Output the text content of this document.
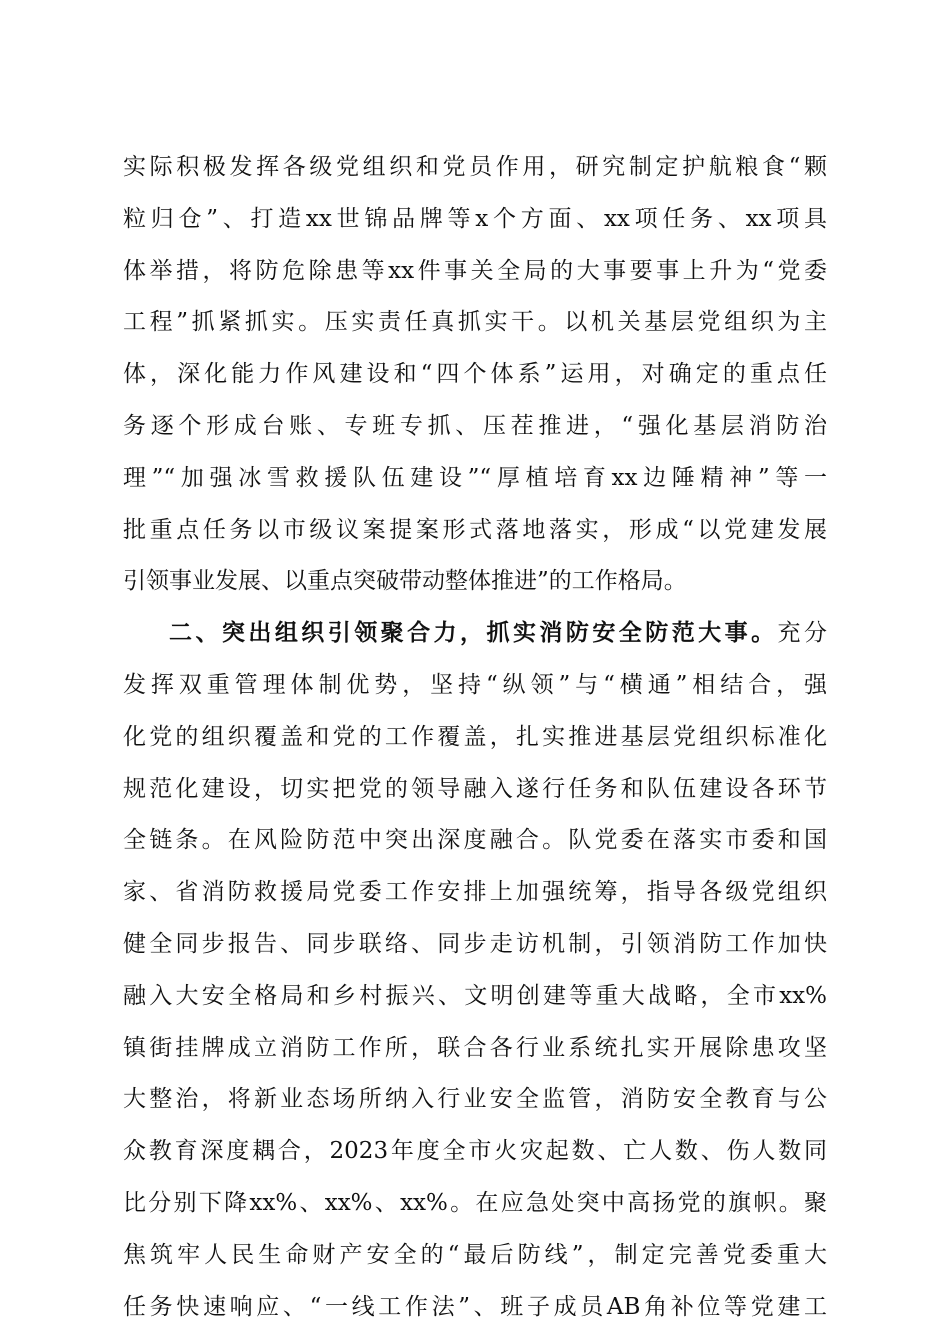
实际积极发挥各级党组织和党员作用，研究制定护航粮食“颗
粒归仓”、打造xx世锦品牌等x个方面、xx项任务、xx项具
体举措，将防危除患等xx件事关全局的大事要事上升为“党委
工程”抓紧抓实。压实责任真抓实干。以机关基层党组织为主
体，深化能力作风建设和“四个体系”运用，对确定的重点任
务逐个形成台账、专班专抓、压茬推进，“强化基层消防治
理”“加强冰雪救援队伍建设”“厚植培育xx边陲精神”等一
批重点任务以市级议案提案形式落地落实，形成“以党建发展
引领事业发展、以重点突破带动整体推进”的工作格局。
二、突出组织引领聚合力，抓实消防安全防范大事。充分
发挥双重管理体制优势，坚持“纵领”与“横通”相结合，强
化党的组织覆盖和党的工作覆盖，扎实推进基层党组织标准化
规范化建设，切实把党的领导融入遂行任务和队伍建设各环节
全链条。在风险防范中突出深度融合。队党委在落实市委和国
家、省消防救援局党委工作安排上加强统筹，指导各级党组织
健全同步报告、同步联络、同步走访机制，引领消防工作加快
融入大安全格局和乡村振兴、文明创建等重大战略，全市xx%
镇街挂牌成立消防工作所，联合各行业系统扎实开展除患攻坚
大整治，将新业态场所纳入行业安全监管，消防安全教育与公
众教育深度耦合，2023年度全市火灾起数、亡人数、伤人数同
比分别下降xx%、xx%、xx%。在应急处突中高扬党的旗帜。聚
焦筑牢人民生命财产安全的“最后防线”，制定完善党委重大
任务快速响应、“一线工作法”、班子成员AB角补位等党建工
